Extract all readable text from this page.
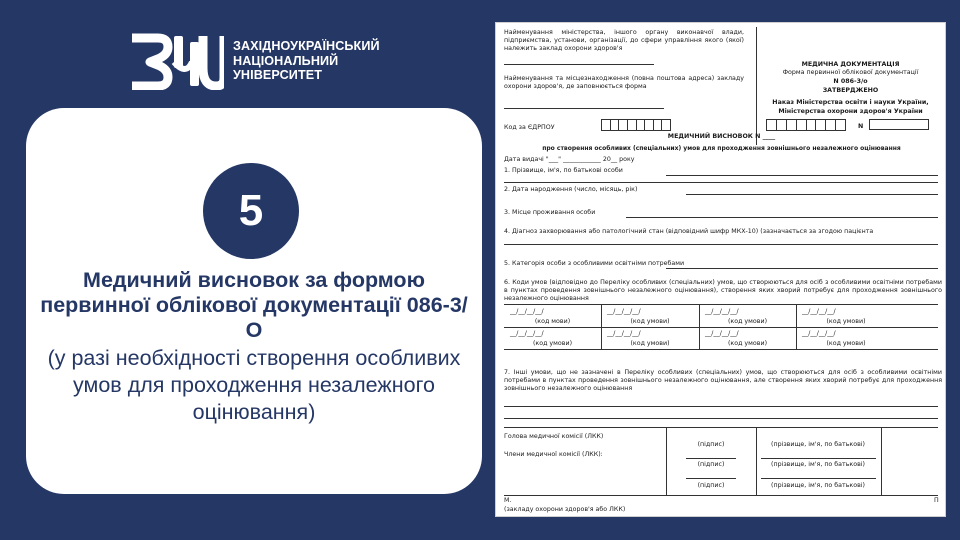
ЗАХІДНОУКРАЇНСЬКИЙ
НАЦІОНАЛЬНИЙ
УНІВЕРСИТЕТ
5
Медичний висновок за формою первинної облікової документації 086-3/О
(у разі необхідності створення особливих умов для проходження незалежного оцінювання)
Найменування міністерства, іншого органу виконавчої влади, підприємства, установи, організації, до сфери управління якого (якої) належить заклад охорони здоров'я
Найменування та місцезнаходження (повна поштова адреса) закладу охорони здоров'я, де заповнюється форма
Код за ЄДРПОУ
МЕДИЧНА ДОКУМЕНТАЦІЯ
Форма первинної облікової документації
N 086-3/о
ЗАТВЕРДЖЕНО
Наказ Міністерства освіти і науки України,
Міністерства охорони здоров'я України
N
МЕДИЧНИЙ ВИСНОВОК N ____
про створення особливих (спеціальних) умов для проходження зовнішнього незалежного оцінювання
Дата видачі "___" ____________ 20__ року
1. Прізвище, ім'я, по батькові особи
2. Дата народження (число, місяць, рік)
3. Місце проживання особи
4. Діагноз захворювання або патологічний стан (відповідний шифр МКХ-10) (зазначається за згодою пацієнта
5. Категорія особи з особливими освітніми потребами
6. Коди умов (відповідно до Переліку особливих (спеціальних) умов, що створюються для осіб з особливими освітніми потребами в пунктах проведення зовнішнього незалежного оцінювання), створення яких хворий потребує для проходження зовнішнього незалежного оцінювання
__/__/__/__/	__/__/__/__/	__/__/__/__/	__/__/__/__/
(код мови)	(код умови)	(код умови)	(код умови)
__/__/__/__/	__/__/__/__/	__/__/__/__/	__/__/__/__/
(код умови)	(код умови)	(код умови)	(код умови)
7. Інші умови, що не зазначені в Переліку особливих (спеціальних) умов, що створюються для осіб з особливими освітніми потребами в пунктах проведення зовнішнього незалежного оцінювання, але створення яких хворий потребує для проходження зовнішнього незалежного оцінювання
Голова медичної комісії (ЛКК)
Члени медичної комісії (ЛКК):
(підпис)	(прізвище, ім'я, по батькові)
(підпис)	(прізвище, ім'я, по батькові)
(підпис)	(прізвище, ім'я, по батькові)
М.	П
(закладу охорони здоров'я або ЛКК)
